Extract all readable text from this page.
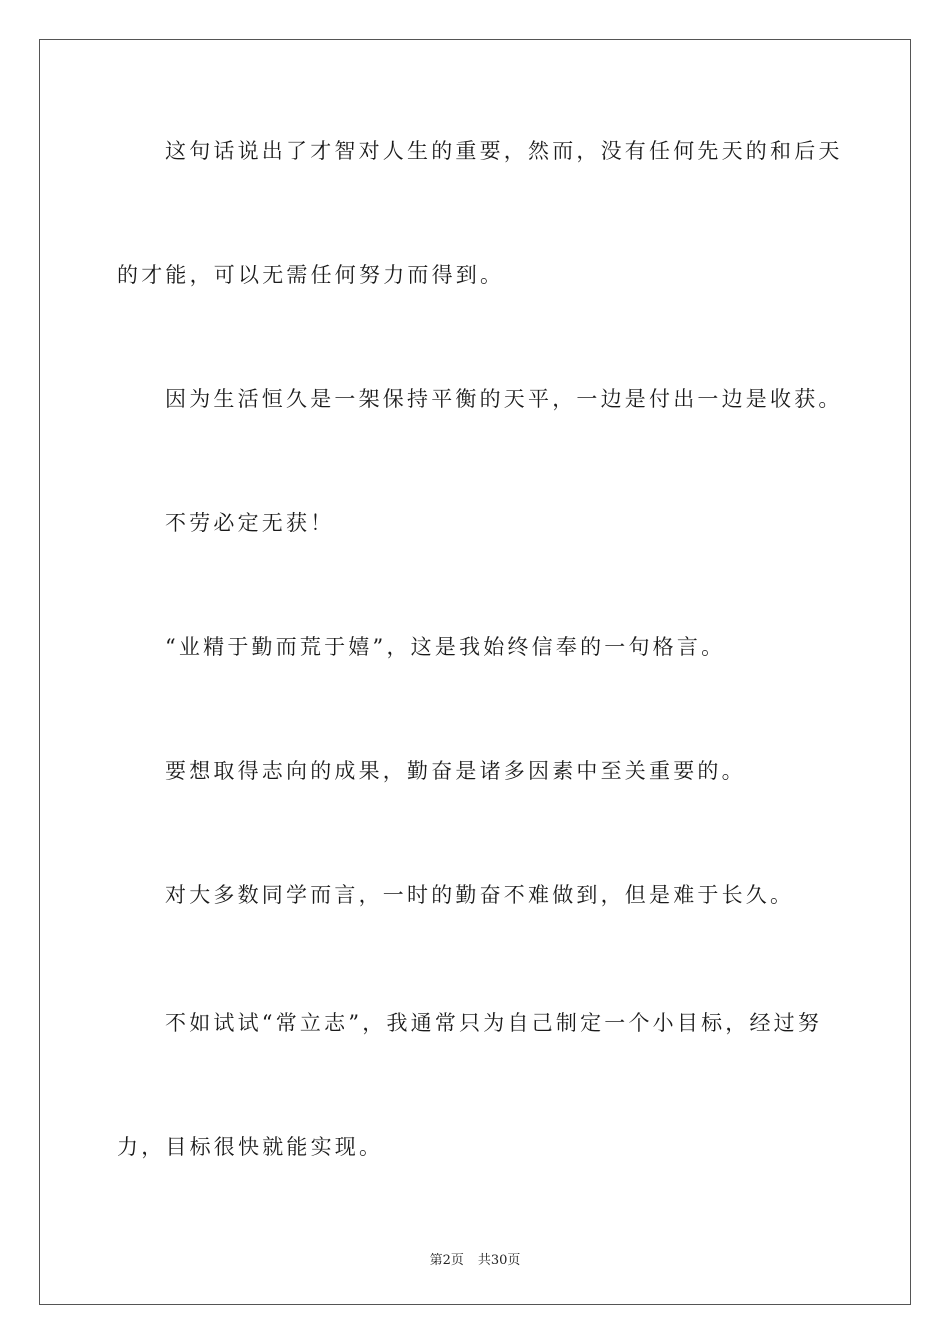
这句话说出了才智对人生的重要，然而，没有任何先天的和后天
的才能，可以无需任何努力而得到。
因为生活恒久是一架保持平衡的天平，一边是付出一边是收获。
不劳必定无获！
“业精于勤而荒于嬉”，这是我始终信奉的一句格言。
要想取得志向的成果，勤奋是诸多因素中至关重要的。
对大多数同学而言，一时的勤奋不难做到，但是难于长久。
不如试试“常立志”，我通常只为自己制定一个小目标，经过努
力，目标很快就能实现。
第2页 共30页
